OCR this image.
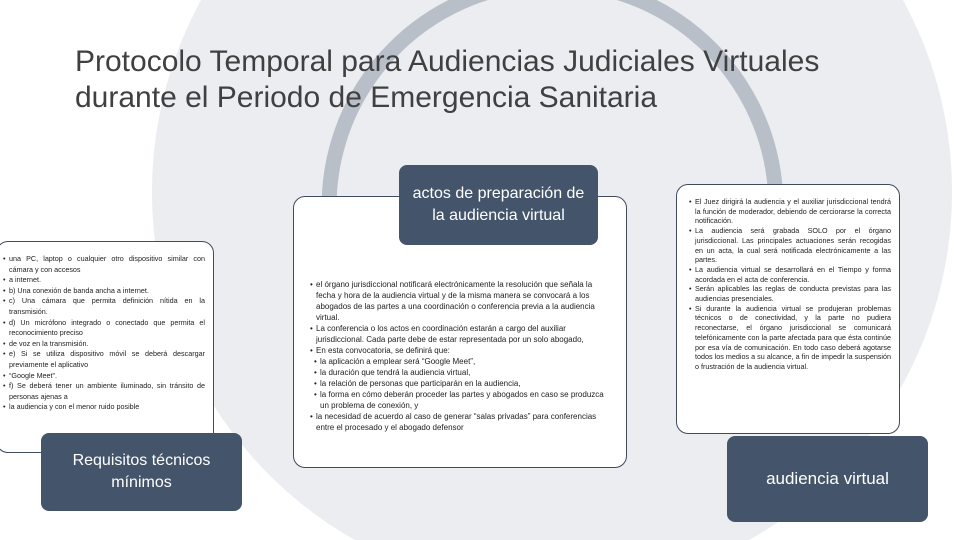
Protocolo Temporal para Audiencias Judiciales Virtuales durante el Periodo de Emergencia Sanitaria
• una PC, laptop o cualquier otro dispositivo similar con cámara y con accesos
• a internet.
• b) Una conexión de banda ancha a internet.
• c) Una cámara que permita definición nítida en la transmisión.
• d) Un micrófono integrado o conectado que permita el reconocimiento preciso
• de voz en la transmisión.
• e) Si se utiliza dispositivo móvil se deberá descargar previamente el aplicativo
• “Google Meet”.
• f) Se deberá tener un ambiente iluminado, sin tránsito de personas ajenas a
• la audiencia y con el menor ruido posible
• el órgano jurisdiccional notificará electrónicamente la resolución que señala la fecha y hora de la audiencia virtual y de la misma manera se convocará a los abogados de las partes a una coordinación o conferencia previa a la audiencia virtual.
• La conferencia o los actos en coordinación estarán a cargo del auxiliar jurisdiccional. Cada parte debe de estar representada por un solo abogado,
• En esta convocatoria, se definirá que:
• la aplicación a emplear será “Google Meet”,
• la duración que tendrá la audiencia virtual,
• la relación de personas que participarán en la audiencia,
• la forma en cómo deberán proceder las partes y abogados en caso se produzca un problema de conexión, y
• la necesidad de acuerdo al caso de generar “salas privadas” para conferencias entre el procesado y el abogado defensor
• El Juez dirigirá la audiencia y el auxiliar jurisdiccional tendrá la función de moderador, debiendo de cerciorarse la correcta notificación.
• La audiencia será grabada SOLO por el órgano jurisdiccional. Las principales actuaciones serán recogidas en un acta, la cual será notificada electrónicamente a las partes.
• La audiencia virtual se desarrollará en el Tiempo y forma acordada en el acta de conferencia.
• Serán aplicables las reglas de conducta previstas para las audiencias presenciales.
• Si durante la audiencia virtual se produjeran problemas técnicos o de conectividad, y la parte no pudiera reconectarse, el órgano jurisdiccional se comunicará telefónicamente con la parte afectada para que ésta continúe por esa vía de comunicación. En todo caso deberá agotarse todos los medios a su alcance, a fin de impedir la suspensión o frustración de la audiencia virtual.
actos de preparación de la audiencia virtual
Requisitos técnicos mínimos	audiencia virtual
